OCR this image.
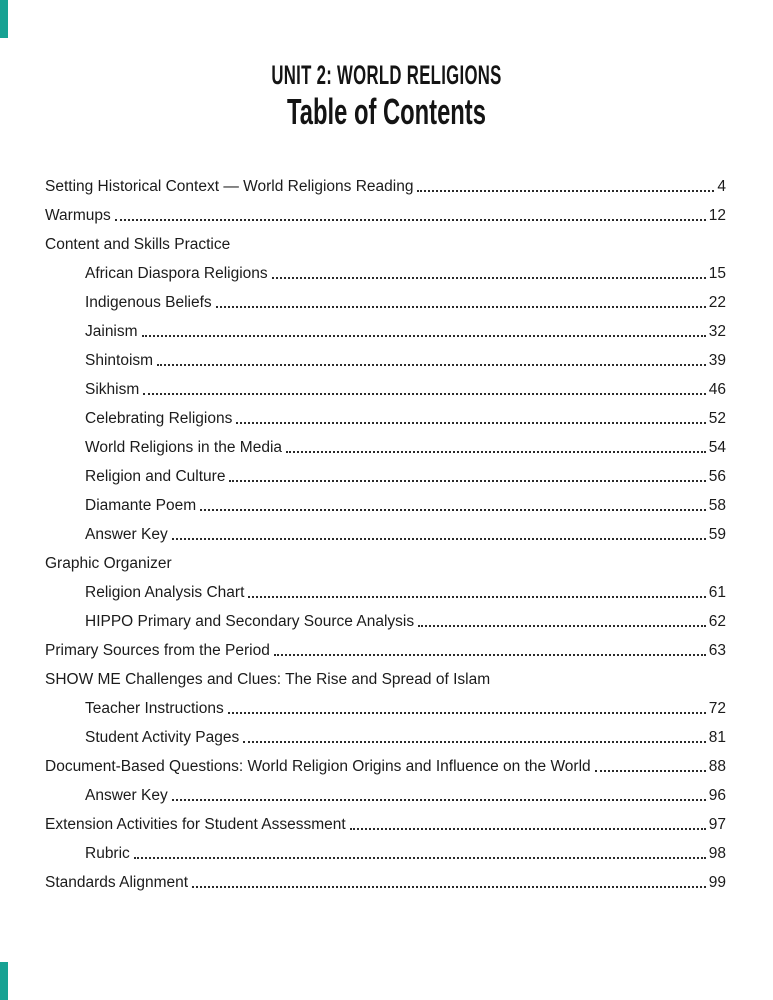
UNIT 2: WORLD RELIGIONS
Table of Contents
Setting Historical Context — World Religions Reading	4
Warmups	12
Content and Skills Practice
African Diaspora Religions	15
Indigenous Beliefs	22
Jainism	32
Shintoism	39
Sikhism	46
Celebrating Religions	52
World Religions in the Media	54
Religion and Culture	56
Diamante Poem	58
Answer Key	59
Graphic Organizer
Religion Analysis Chart	61
HIPPO Primary and Secondary Source Analysis	62
Primary Sources from the Period	63
SHOW ME Challenges and Clues: The Rise and Spread of Islam
Teacher Instructions	72
Student Activity Pages	81
Document-Based Questions: World Religion Origins and Influence on the World	88
Answer Key	96
Extension Activities for Student Assessment	97
Rubric	98
Standards Alignment	99
